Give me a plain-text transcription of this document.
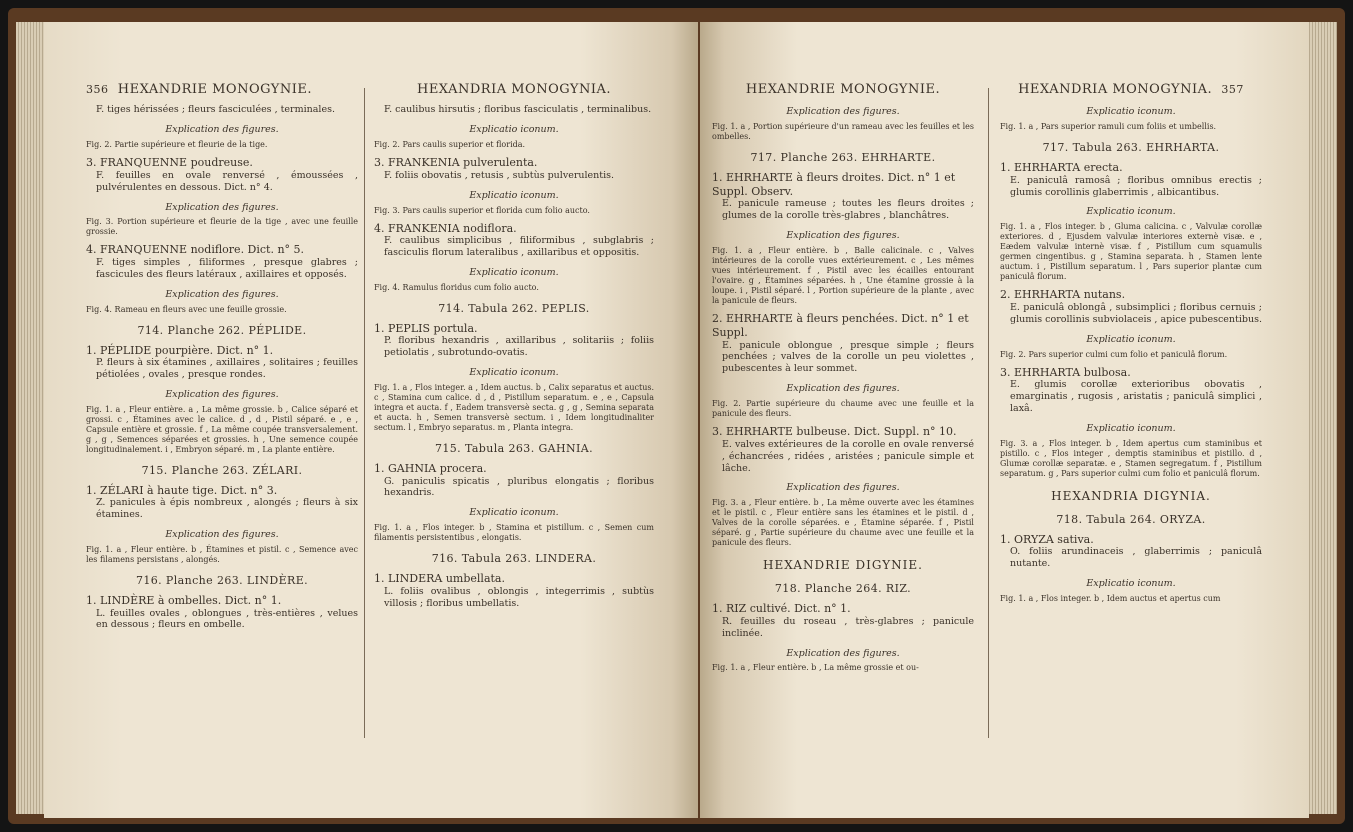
356 HEXANDRIE MONOGYNIE.
F. tiges hérissées ; fleurs fasciculées , terminales.
Explication des figures.
Fig. 2. Partie supérieure et fleurie de la tige.
3. FRANQUENNE poudreuse.
F. feuilles en ovale renversé , émoussées , pulvérulentes en dessous. Dict. n° 4.
Explication des figures.
Fig. 3. Portion supérieure et fleurie de la tige , avec une feuille grossie.
4. FRANQUENNE nodiflore. Dict. n° 5.
F. tiges simples , filiformes , presque glabres ; fascicules des fleurs latéraux , axillaires et opposés.
Explication des figures.
Fig. 4. Rameau en fleurs avec une feuille grossie.
714. Planche 262. PÉPLIDE.
1. PÉPLIDE pourpière. Dict. n° 1.
P. fleurs à six étamines , axillaires , solitaires ; feuilles pétiolées , ovales , presque rondes.
Explication des figures.
Fig. 1. a , Fleur entière. a , La même grossie. b , Calice séparé et grossi. c , Étamines avec le calice. d , d , Pistil séparé. e , e , Capsule entière et grossie. f , La même coupée transversalement. g , g , Semences séparées et grossies. h , Une semence coupée longitudinalement. i , Embryon séparé. m , La plante entière.
715. Planche 263. ZÉLARI.
1. ZÉLARI à haute tige. Dict. n° 3.
Z. panicules à épis nombreux , alongés ; fleurs à six étamines.
Explication des figures.
Fig. 1. a , Fleur entière. b , Étamines et pistil. c , Semence avec les filamens persistans , alongés.
716. Planche 263. LINDÈRE.
1. LINDÈRE à ombelles. Dict. n° 1.
L. feuilles ovales , oblongues , très-entières , velues en dessous ; fleurs en ombelle.
HEXANDRIA MONOGYNIA.
F. caulibus hirsutis ; floribus fasciculatis , terminalibus.
Explicatio iconum.
Fig. 2. Pars caulis superior et florida.
3. FRANKENIA pulverulenta.
F. foliis obovatis , retusis , subtùs pulverulentis.
Explicatio iconum.
Fig. 3. Pars caulis superior et florida cum folio aucto.
4. FRANKENIA nodiflora.
F. caulibus simplicibus , filiformibus , subglabris ; fasciculis florum lateralibus , axillaribus et oppositis.
Explicatio iconum.
Fig. 4. Ramulus floridus cum folio aucto.
714. Tabula 262. PEPLIS.
1. PEPLIS portula.
P. floribus hexandris , axillaribus , solitariis ; foliis petiolatis , subrotundo-ovatis.
Explicatio iconum.
Fig. 1. a , Flos integer. a , Idem auctus. b , Calix separatus et auctus. c , Stamina cum calice. d , d , Pistillum separatum. e , e , Capsula integra et aucta. f , Eadem transversè secta. g , g , Semina separata et aucta. h , Semen transversè sectum. i , Idem longitudinaliter sectum. l , Embryo separatus. m , Planta integra.
715. Tabula 263. GAHNIA.
1. GAHNIA procera.
G. paniculis spicatis , pluribus elongatis ; floribus hexandris.
Explicatio iconum.
Fig. 1. a , Flos integer. b , Stamina et pistillum. c , Semen cum filamentis persistentibus , elongatis.
716. Tabula 263. LINDERA.
1. LINDERA umbellata.
L. foliis ovalibus , oblongis , integerrimis , subtùs villosis ; floribus umbellatis.
HEXANDRIE MONOGYNIE.
Explication des figures.
Fig. 1. a , Portion supérieure d'un rameau avec les feuilles et les ombelles.
717. Planche 263. EHRHARTE.
1. EHRHARTE à fleurs droites. Dict. n° 1 et Suppl. Observ.
E. panicule rameuse ; toutes les fleurs droites ; glumes de la corolle très-glabres , blanchâtres.
Explication des figures.
Fig. 1. a , Fleur entière. b , Balle calicinale. c , Valves intérieures de la corolle vues extérieurement. c , Les mêmes vues intérieurement. f , Pistil avec les écailles entourant l'ovaire. g , Étamines séparées. h , Une étamine grossie à la loupe. i , Pistil séparé. l , Portion supérieure de la plante , avec la panicule de fleurs.
2. EHRHARTE à fleurs penchées. Dict. n° 1 et Suppl.
E. panicule oblongue , presque simple ; fleurs penchées ; valves de la corolle un peu violettes , pubescentes à leur sommet.
Explication des figures.
Fig. 2. Partie supérieure du chaume avec une feuille et la panicule des fleurs.
3. EHRHARTE bulbeuse. Dict. Suppl. n° 10.
E. valves extérieures de la corolle en ovale renversé , échancrées , ridées , aristées ; panicule simple et lâche.
Explication des figures.
Fig. 3. a , Fleur entière. b , La même ouverte avec les étamines et le pistil. c , Fleur entière sans les étamines et le pistil. d , Valves de la corolle séparées. e , Étamine séparée. f , Pistil séparé. g , Partie supérieure du chaume avec une feuille et la panicule des fleurs.
HEXANDRIE DIGYNIE.
718. Planche 264. RIZ.
1. RIZ cultivé. Dict. n° 1.
R. feuilles du roseau , très-glabres ; panicule inclinée.
Explication des figures.
Fig. 1. a , Fleur entière. b , La même grossie et ou-
HEXANDRIA MONOGYNIA. 357
Explicatio iconum.
Fig. 1. a , Pars superior ramuli cum foliis et umbellis.
717. Tabula 263. EHRHARTA.
1. EHRHARTA erecta.
E. paniculâ ramosâ ; floribus omnibus erectis ; glumis corollinis glaberrimis , albicantibus.
Explicatio iconum.
Fig. 1. a , Flos integer. b , Gluma calicina. c , Valvulæ corollæ exteriores. d , Ejusdem valvulæ interiores externè visæ. e , Eædem valvulæ internè visæ. f , Pistillum cum squamulis germen cingentibus. g , Stamina separata. h , Stamen lente auctum. i , Pistillum separatum. l , Pars superior plantæ cum paniculâ florum.
2. EHRHARTA nutans.
E. paniculâ oblongâ , subsimplici ; floribus cernuis ; glumis corollinis subviolaceis , apice pubescentibus.
Explicatio iconum.
Fig. 2. Pars superior culmi cum folio et paniculâ florum.
3. EHRHARTA bulbosa.
E. glumis corollæ exterioribus obovatis , emarginatis , rugosis , aristatis ; paniculâ simplici , laxâ.
Explicatio iconum.
Fig. 3. a , Flos integer. b , Idem apertus cum staminibus et pistillo. c , Flos integer , demptis staminibus et pistillo. d , Glumæ corollæ separatæ. e , Stamen segregatum. f , Pistillum separatum. g , Pars superior culmi cum folio et paniculâ florum.
HEXANDRIA DIGYNIA.
718. Tabula 264. ORYZA.
1. ORYZA sativa.
O. foliis arundinaceis , glaberrimis ; paniculâ nutante.
Explicatio iconum.
Fig. 1. a , Flos integer. b , Idem auctus et apertus cum
